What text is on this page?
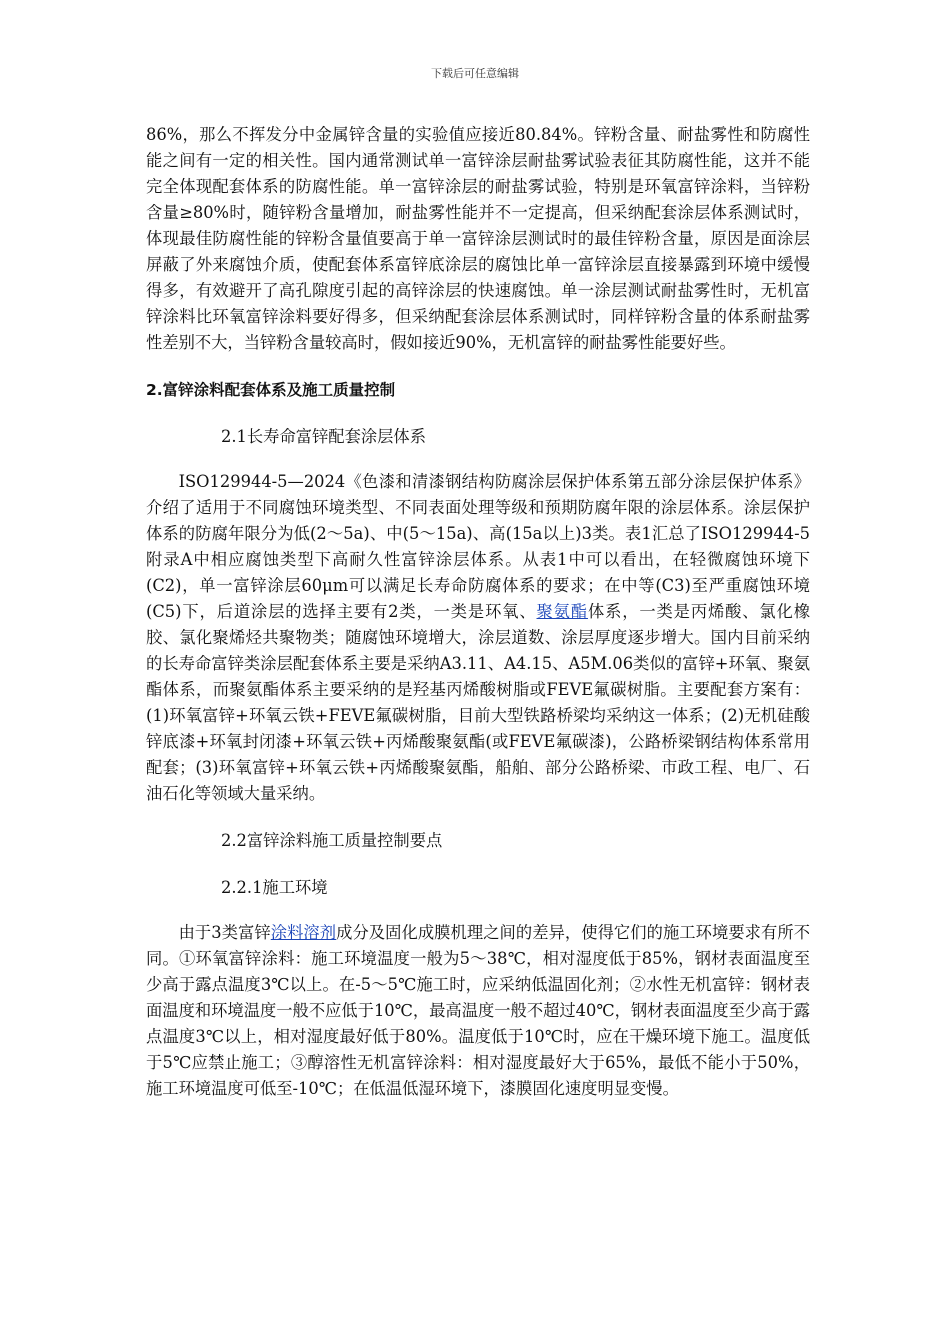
下载后可任意编辑

86%，那么不挥发分中金属锌含量的实验值应接近80.84%。锌粉含量、耐盐雾性和防腐性能之间有一定的相关性。国内通常测试单一富锌涂层耐盐雾试验表征其防腐性能，这并不能完全体现配套体系的防腐性能。单一富锌涂层的耐盐雾试验，特别是环氧富锌涂料，当锌粉含量≥80%时，随锌粉含量增加，耐盐雾性能并不一定提高，但采纳配套涂层体系测试时，体现最佳防腐性能的锌粉含量值要高于单一富锌涂层测试时的最佳锌粉含量，原因是面涂层屏蔽了外来腐蚀介质，使配套体系富锌底涂层的腐蚀比单一富锌涂层直接暴露到环境中缓慢得多，有效避开了高孔隙度引起的高锌涂层的快速腐蚀。单一涂层测试耐盐雾性时，无机富锌涂料比环氧富锌涂料要好得多，但采纳配套涂层体系测试时，同样锌粉含量的体系耐盐雾性差别不大，当锌粉含量较高时，假如接近90%，无机富锌的耐盐雾性能要好些。

2.富锌涂料配套体系及施工质量控制

2.1长寿命富锌配套涂层体系

ISO129944-5—2024《色漆和清漆钢结构防腐涂层保护体系第五部分涂层保护体系》介绍了适用于不同腐蚀环境类型、不同表面处理等级和预期防腐年限的涂层体系。涂层保护体系的防腐年限分为低(2～5a)、中(5～15a)、高(15a以上)3类。表1汇总了ISO129944-5附录A中相应腐蚀类型下高耐久性富锌涂层体系。从表1中可以看出，在轻微腐蚀环境下(C2)，单一富锌涂层60μm可以满足长寿命防腐体系的要求；在中等(C3)至严重腐蚀环境(C5)下，后道涂层的选择主要有2类，一类是环氧、聚氨酯体系，一类是丙烯酸、氯化橡胶、氯化聚烯烃共聚物类；随腐蚀环境增大，涂层道数、涂层厚度逐步增大。国内目前采纳的长寿命富锌类涂层配套体系主要是采纳A3.11、A4.15、A5M.06类似的富锌+环氧、聚氨酯体系，而聚氨酯体系主要采纳的是羟基丙烯酸树脂或FEVE氟碳树脂。主要配套方案有：(1)环氧富锌+环氧云铁+FEVE氟碳树脂，目前大型铁路桥梁均采纳这一体系；(2)无机硅酸锌底漆+环氧封闭漆+环氧云铁+丙烯酸聚氨酯(或FEVE氟碳漆)，公路桥梁钢结构体系常用配套；(3)环氧富锌+环氧云铁+丙烯酸聚氨酯，船舶、部分公路桥梁、市政工程、电厂、石油石化等领域大量采纳。

2.2富锌涂料施工质量控制要点

2.2.1施工环境

由于3类富锌涂料溶剂成分及固化成膜机理之间的差异，使得它们的施工环境要求有所不同。①环氧富锌涂料：施工环境温度一般为5～38℃，相对湿度低于85%，钢材表面温度至少高于露点温度3℃以上。在-5～5℃施工时，应采纳低温固化剂；②水性无机富锌：钢材表面温度和环境温度一般不应低于10℃，最高温度一般不超过40℃，钢材表面温度至少高于露点温度3℃以上，相对湿度最好低于80%。温度低于10℃时，应在干燥环境下施工。温度低于5℃应禁止施工；③醇溶性无机富锌涂料：相对湿度最好大于65%，最低不能小于50%，施工环境温度可低至-10℃；在低温低湿环境下，漆膜固化速度明显变慢。
